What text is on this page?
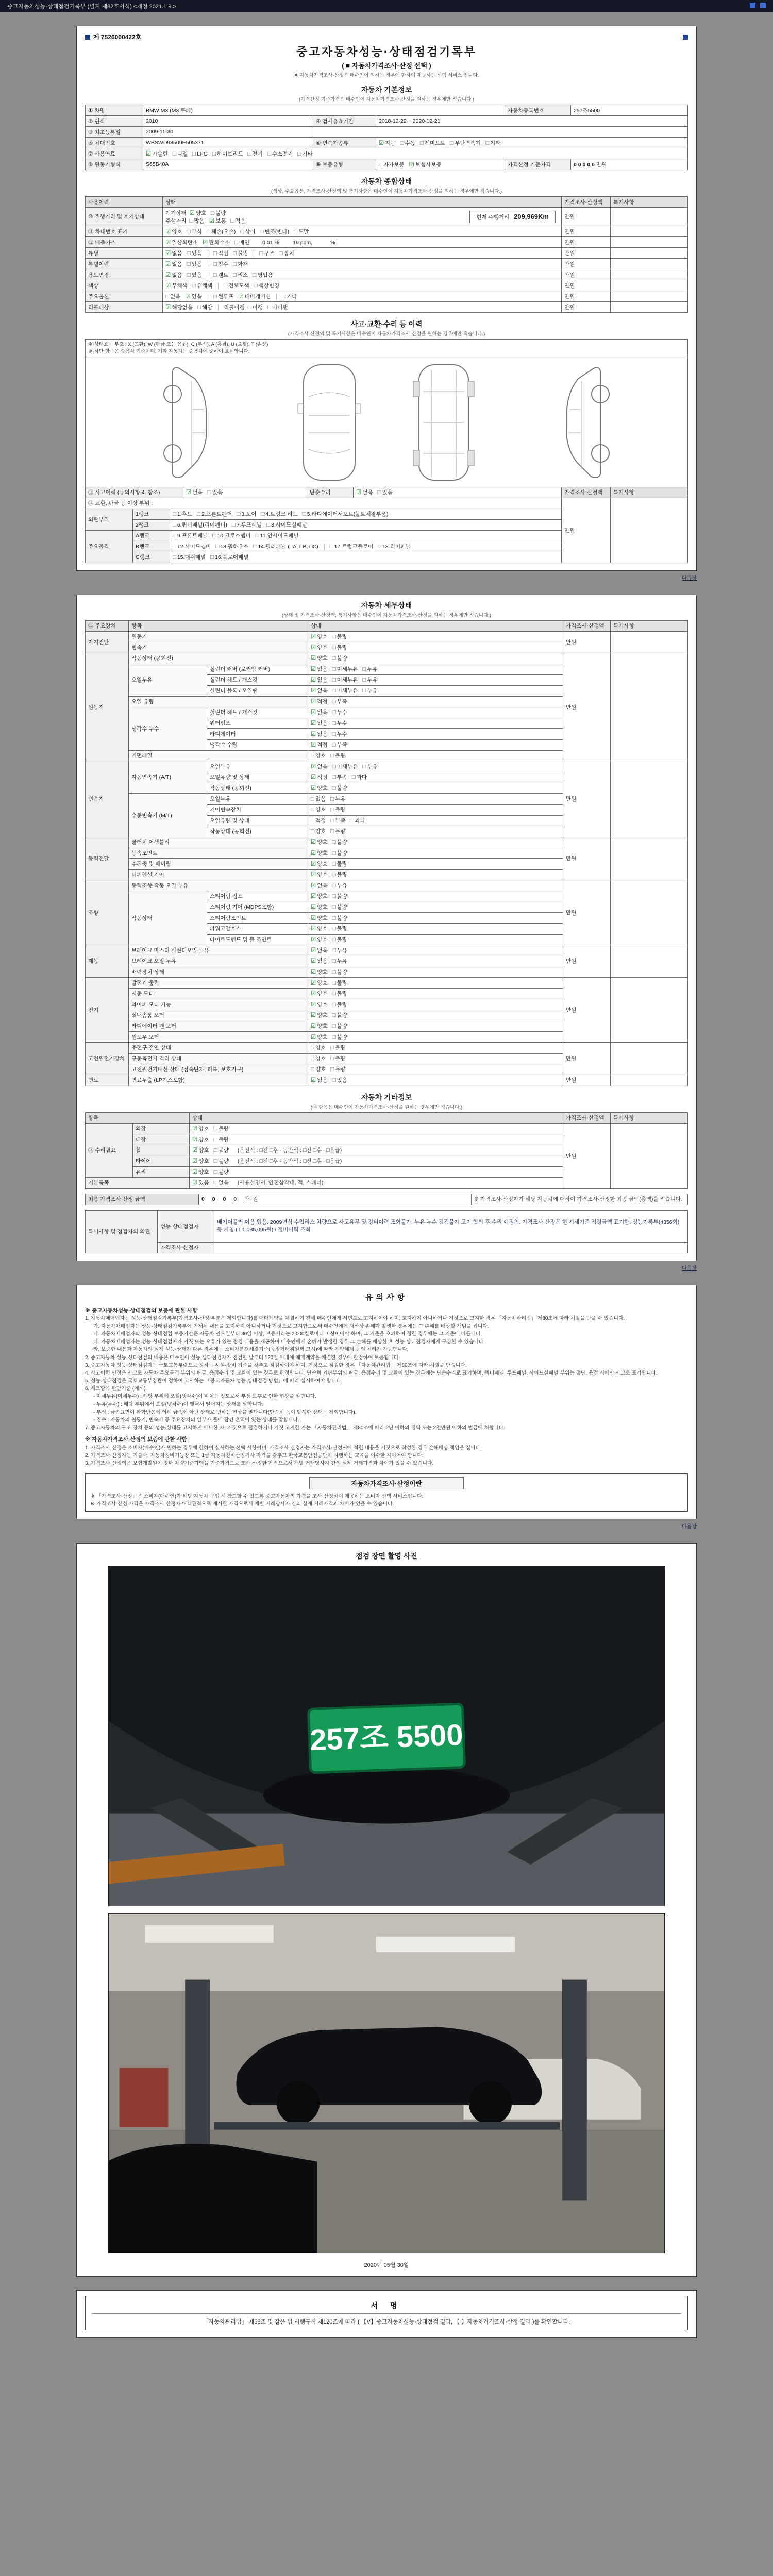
중고자동차성능·상태점검기록부 (별지 제82호서식) <개정 2021.1.9.>

제 7526000422호
중고자동차성능·상태점검기록부
( ■ 자동차가격조사·산정 선택 )
※ 자동차가격조사·산정은 매수인이 원하는 경우에 한하여 제공하는 선택 서비스 입니다.
자동차 기본정보
(가격산정 기준가격은 매수인이 자동차가격조사·산정을 원하는 경우에만 적습니다.)
① 차명	BMW M3 (M3 쿠페)			자동차등록번호	257조5500
② 연식	2010	④ 검사유효기간	2018-12-22 ~ 2020-12-21		
③ 최초등록일	2009-11-30				
⑤ 차대번호	WBSWD93509E505371	⑥ 변속기종류	☑ 자동 □ 수동 □ 세미오토 □ 무단변속기 □ 기타		
⑦ 사용연료	☑ 가솔린 □ 디젤 □ LPG □ 하이브리드 □ 전기 □ 수소전기 □ 기타				
⑧ 원동기형식	S65B40A	⑨ 보증유형	□ 자가보증 ☑ 보험사보증	가격산정 기준가격	0 0 0 0 0 만원
자동차 종합상태
(색상, 주요옵션, 가격조사·산정액 및 특기사항은 매수인이 자동차가격조사·산정을 원하는 경우에만 적습니다.)
사용이력	상태	가격조사·산정액	특기사항
⑩ 주행거리 및 계기상태	계기상태 ☑ 양호 □ 불량
주행거리 □ 많음 ☑ 보통 □ 적음
현재 주행거리 209,969Km	만원	
⑪ 차대번호 표기	☑ 양호 □ 부식 □ 훼손(오손) □ 상이 □ 변조(변타) □ 도말	만원	
⑫ 배출가스	☑ 일산화탄소 ☑ 탄화수소 □ 매연 0.01 %,        19 ppm,            %	만원	
튜닝	☑ 없음 □ 있음 □ 적법 □ 불법 □ 구조 □ 장치	만원	
특별이력	☑ 없음 □ 있음 □ 침수 □ 화재	만원	
용도변경	☑ 없음 □ 있음 □ 렌트 □ 리스 □ 영업용	만원	
색상	☑ 무채색 □ 유채색 □ 전체도색 □ 색상변경	만원	
주요옵션	□ 없음 ☑ 있음 □ 썬루프 ☑ 네비게이션 □ 기타	만원	
리콜대상	☑ 해당없음 □ 해당 리콜이행 □ 이행 □ 미이행	만원	
사고·교환·수리 등 이력
(가격조사·산정액 및 특기사항은 매수인이 자동차가격조사·산정을 원하는 경우에만 적습니다.)
※ 상태표시 부호 : X (교환), W (판금 또는 용접), C (부식), A (흠집), U (요철), T (손상)
※ 하단 항목은 승용차 기준이며, 기타 자동차는 승용차에 준하여 표시합니다.
⑬ 사고이력 (유의사항 4. 참조)	☑ 없음 □ 있음	단순수리	☑ 없음 □ 있음	가격조사·산정액	특기사항
⑭ 교환, 판금 등 이상 부위 :			만원	
외판부위	1랭크	□ 1.후드 □ 2.프론트펜더 □ 3.도어 □ 4.트렁크 리드 □ 5.라디에이터서포트(볼트체결부품)		
	2랭크	□ 6.쿼터패널(리어펜더) □ 7.루프패널 □ 8.사이드실패널		
주요골격	A랭크	□ 9.프론트패널 □ 10.크로스멤버 □ 11.인사이드패널		
	B랭크	□ 12.사이드멤버 □ 13.휠하우스 □ 14.필러패널 (□A, □B, □C) □ 17.트렁크플로어 □ 18.리어패널		
	C랭크	□ 15.대쉬패널 □ 16.플로어패널		
다음장
자동차 세부상태
(상태 및 가격조사·산정액, 특기사항은 매수인이 자동차가격조사·산정을 원하는 경우에만 적습니다.)
⑮ 주요장치	항목		상태	가격조사·산정액	특기사항
자기진단	원동기		☑ 양호 □ 불량	만원	
	변속기		☑ 양호 □ 불량		
원동기	작동상태 (공회전)		☑ 양호 □ 불량	만원	
	오일누유	실린더 커버 (로커암 커버)	☑ 없음 □ 미세누유 □ 누유		
		실린더 헤드 / 개스킷	☑ 없음 □ 미세누유 □ 누유		
		실린더 블록 / 오일팬	☑ 없음 □ 미세누유 □ 누유		
	오일 유량		☑ 적정 □ 부족		
	냉각수 누수	실린더 헤드 / 개스킷	☑ 없음 □ 누수		
		워터펌프	☑ 없음 □ 누수		
		라디에이터	☑ 없음 □ 누수		
		냉각수 수량	☑ 적정 □ 부족		
	커먼레일		□ 양호 □ 불량		
변속기	자동변속기 (A/T)	오일누유	☑ 없음 □ 미세누유 □ 누유	만원	
		오일유량 및 상태	☑ 적정 □ 부족 □ 과다		
		작동상태 (공회전)	☑ 양호 □ 불량		
	수동변속기 (M/T)	오일누유	□ 없음 □ 누유		
		기어변속장치	□ 양호 □ 불량		
		오일유량 및 상태	□ 적정 □ 부족 □ 과다		
		작동상태 (공회전)	□ 양호 □ 불량		
동력전달	클러치 어셈블리		☑ 양호 □ 불량	만원	
	등속조인트		☑ 양호 □ 불량		
	추진축 및 베어링		☑ 양호 □ 불량		
	디퍼렌셜 기어		☑ 양호 □ 불량		
조향	동력조향 작동 오일 누유		☑ 없음 □ 누유	만원	
	작동상태	스티어링 펌프	☑ 양호 □ 불량		
		스티어링 기어 (MDPS포함)	☑ 양호 □ 불량		
		스티어링조인트	☑ 양호 □ 불량		
		파워고압호스	☑ 양호 □ 불량		
		타이로드엔드 및 볼 조인트	☑ 양호 □ 불량		
제동	브레이크 마스터 실린더오일 누유		☑ 없음 □ 누유	만원	
	브레이크 오일 누유		☑ 없음 □ 누유		
	배력장치 상태		☑ 양호 □ 불량		
전기	발전기 출력		☑ 양호 □ 불량	만원	
	시동 모터		☑ 양호 □ 불량		
	와이퍼 모터 기능		☑ 양호 □ 불량		
	실내송풍 모터		☑ 양호 □ 불량		
	라디에이터 팬 모터		☑ 양호 □ 불량		
	윈도우 모터		☑ 양호 □ 불량		
고전원전기장치	충전구 절연 상태		□ 양호 □ 불량	만원	
	구동축전지 격리 상태		□ 양호 □ 불량		
	고전원전기배선 상태 (접속단자, 피복, 보호기구)		□ 양호 □ 불량		
연료	연료누출 (LP가스포함)		☑ 없음 □ 있음	만원	
자동차 기타정보
(⑯ 항목은 매수인이 자동차가격조사·산정을 원하는 경우에만 적습니다.)
항목		상태	가격조사·산정액	특기사항
⑯ 수리필요	외장	☑ 양호 □ 불량	만원	
	내장	☑ 양호 □ 불량		
	휠	☑ 양호 □ 불량 (운전석 : □전 □후 · 동반석 : □전 □후 · □응급)		
	타이어	☑ 양호 □ 불량 (운전석 : □전 □후 · 동반석 : □전 □후 · □응급)		
	유리	☑ 양호 □ 불량		
기본품목		☑ 있음 □ 없음 (사용설명서, 안전삼각대, 잭, 스패너)		
최종 가격조사·산정 금액	0 0 0 0 만원	※ 가격조사·산정자가 해당 자동차에 대하여 가격조사·산정한 최종 금액(총액)을 적습니다.
특이사항 및 점검자의 의견	성능·상태점검자	배기머플러 이음 있음. 2009년식 수입리스 차량으로 사고유무 및 정비이력 조회불가, 누유·누수 점검불가 고지 협의 후 수리 예정임. 가격조사·산정은 현 시세기준 적정금액 표기함. 성능기록부(4356회) 등 지침 (T 1,035,095원) / 정비이력 조회
	가격조사·산정자	
다음장
유의사항
※ 중고자동차성능·상태점검의 보증에 관한 사항
1. 자동차매매업자는 성능·상태점검기록부(가격조사·산정 부분은 제외합니다)를 매매계약을 체결하기 전에 매수인에게 서면으로 고지하여야 하며, 고지하지 아니하거나 거짓으로 고지한 경우 「자동차관리법」 제80조에 따라 처벌을 받을 수 있습니다.
가. 자동차매매업자는 성능·상태점검기록부에 기재된 내용을 고지하지 아니하거나 거짓으로 고지함으로써 매수인에게 재산상 손해가 발생한 경우에는 그 손해를 배상할 책임을 집니다.
나. 자동차매매업자의 성능·상태점검 보증기간은 자동차 인도일부터 30일 이상, 보증거리는 2,000킬로미터 이상이어야 하며, 그 기준을 초과하여 정한 경우에는 그 기준에 따릅니다.
다. 자동차매매업자는 성능·상태점검자가 거짓 또는 오류가 있는 점검 내용을 제공하여 매수인에게 손해가 발생한 경우 그 손해를 배상한 후 성능·상태점검자에게 구상할 수 있습니다.
라. 보증한 내용과 자동차의 실제 성능·상태가 다른 경우에는 소비자분쟁해결기준(공정거래위원회 고시)에 따라 계약해제 등의 처리가 가능합니다.
2. 중고자동차 성능·상태점검의 내용은 매수인이 성능·상태점검자가 점검한 날부터 120일 이내에 매매계약을 체결한 경우에 한정하여 보증합니다.
3. 중고자동차 성능·상태점검자는 국토교통부령으로 정하는 시설·장비 기준을 갖추고 점검하여야 하며, 거짓으로 점검한 경우 「자동차관리법」 제80조에 따라 처벌을 받습니다.
4. 사고이력 인정은 사고로 자동차 주요골격 부위의 판금, 용접수리 및 교환이 있는 경우로 한정합니다. 단순히 외판부위의 판금, 용접수리 및 교환이 있는 경우에는 단순수리로 표기하며, 쿼터패널, 루프패널, 사이드실패널 부위는 절단, 용접 시에만 사고로 표기합니다.
5. 성능·상태점검은 국토교통부장관이 정하여 고시하는 「중고자동차 성능·상태점검 방법」에 따라 실시하여야 합니다.
6. 체크항목 판단기준 (예시)
- 미세누유(미세누수) : 해당 부위에 오일(냉각수)이 비치는 정도로서 부품 노후로 인한 현상을 말합니다.
- 누유(누수) : 해당 부위에서 오일(냉각수)이 맺혀서 떨어지는 상태를 말합니다.
- 부식 : 금속표면이 화학반응에 의해 금속이 아닌 상태로 변하는 현상을 말합니다(단순히 녹이 발생한 상태는 제외합니다).
- 침수 : 자동차의 원동기, 변속기 등 주요장치의 일부가 물에 잠긴 흔적이 있는 상태를 말합니다.
7. 중고자동차의 구조·장치 등의 성능·상태를 고지하지 아니한 자, 거짓으로 점검하거나 거짓 고지한 자는 「자동차관리법」 제80조에 따라 2년 이하의 징역 또는 2천만원 이하의 벌금에 처합니다.
※ 자동차가격조사·산정의 보증에 관한 사항
1. 가격조사·산정은 소비자(매수인)가 원하는 경우에 한하여 실시하는 선택 사항이며, 가격조사·산정자는 가격조사·산정서에 적힌 내용을 거짓으로 작성한 경우 손해배상 책임을 집니다.
2. 가격조사·산정자는 기술사, 자동차정비기능장 또는 1급 자동차정비산업기사 자격을 갖추고 한국교통안전공단이 시행하는 교육을 이수한 자이어야 합니다.
3. 가격조사·산정액은 보험개발원이 정한 차량기준가액을 기준가격으로 조사·산정한 가격으로서 개별 거래당사자 간의 실제 거래가격과 차이가 있을 수 있습니다.
자동차가격조사·산정이란
※ 「가격조사·산정」은 소비자(매수인)가 해당 자동차 구입 시 참고할 수 있도록 중고자동차의 가격을 조사·산정하여 제공하는 소비자 선택 서비스입니다.
※ 가격조사·산정 가격은 가격조사·산정자가 객관적으로 제시한 가격으로서 개별 거래당사자 간의 실제 거래가격과 차이가 있을 수 있습니다.
다음장
점검 장면 촬영 사진
257조 5500
2020년 05월 30일
서 명
「자동차관리법」 제58조 및 같은 법 시행규칙 제120조에 따라 ( 【V】중고자동차성능·상태점검 결과, 【 】자동차가격조사·산정 결과 )를 확인합니다.
